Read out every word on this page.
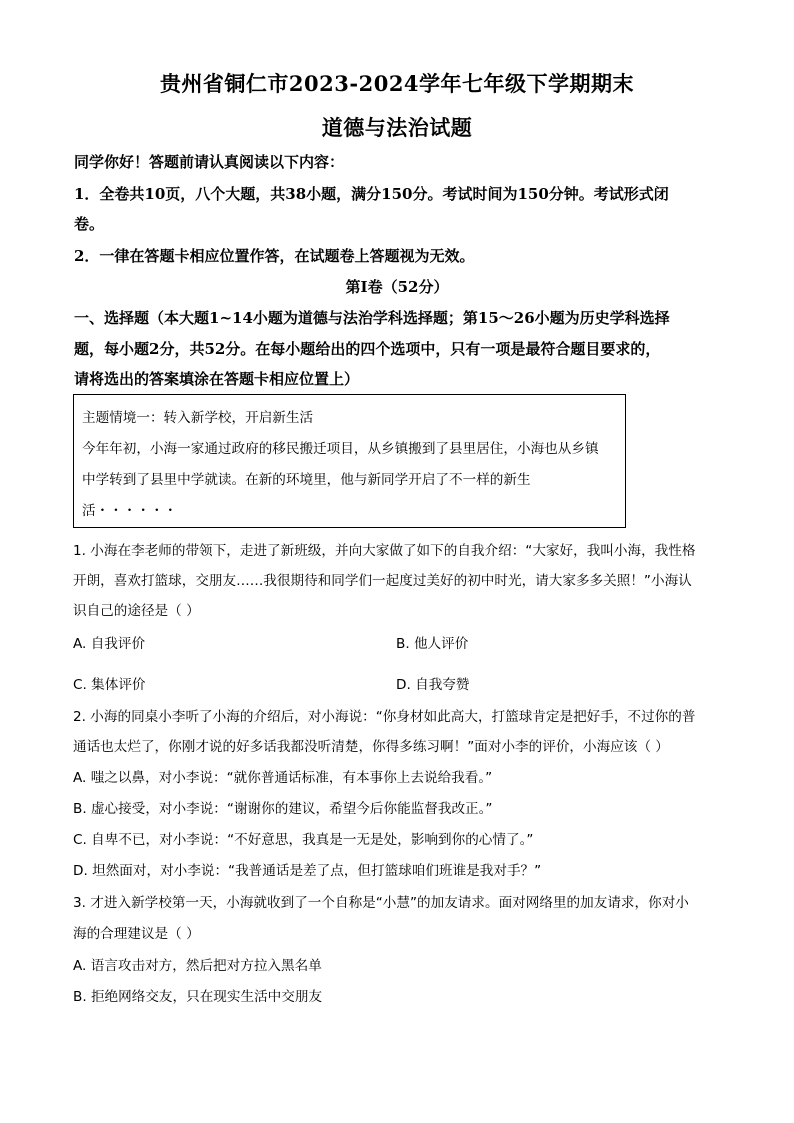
贵州省铜仁市2023-2024学年七年级下学期期末
道德与法治试题
同学你好！答题前请认真阅读以下内容：
1．全卷共10页，八个大题，共38小题，满分150分。考试时间为150分钟。考试形式闭
卷。
2．一律在答题卡相应位置作答，在试题卷上答题视为无效。
第Ⅰ卷（52分）
一、选择题（本大题1~14小题为道德与法治学科选择题；第15～26小题为历史学科选择
题，每小题2分，共52分。在每小题给出的四个选项中，只有一项是最符合题目要求的，
请将选出的答案填涂在答题卡相应位置上）
主题情境一：转入新学校，开启新生活
今年年初，小海一家通过政府的移民搬迁项目，从乡镇搬到了县里居住，小海也从乡镇
中学转到了县里中学就读。在新的环境里，他与新同学开启了不一样的新生
活・・・・・・
1. 小海在李老师的带领下，走进了新班级，并向大家做了如下的自我介绍：“大家好，我叫小海，我性格
开朗，喜欢打篮球，交朋友……我很期待和同学们一起度过美好的初中时光，请大家多多关照！”小海认
识自己的途径是（ ）
A. 自我评价	B. 他人评价
C. 集体评价	D. 自我夸赞
2. 小海的同桌小李听了小海的介绍后，对小海说：“你身材如此高大，打篮球肯定是把好手，不过你的普
通话也太烂了，你刚才说的好多话我都没听清楚，你得多练习啊！”面对小李的评价，小海应该（ ）
A. 嗤之以鼻，对小李说：“就你普通话标准，有本事你上去说给我看。”
B. 虚心接受，对小李说：“谢谢你的建议，希望今后你能监督我改正。”
C. 自卑不已，对小李说：“不好意思，我真是一无是处，影响到你的心情了。”
D. 坦然面对，对小李说：“我普通话是差了点，但打篮球咱们班谁是我对手？”
3. 才进入新学校第一天，小海就收到了一个自称是“小慧”的加友请求。面对网络里的加友请求，你对小
海的合理建议是（ ）
A. 语言攻击对方，然后把对方拉入黑名单
B. 拒绝网络交友，只在现实生活中交朋友
